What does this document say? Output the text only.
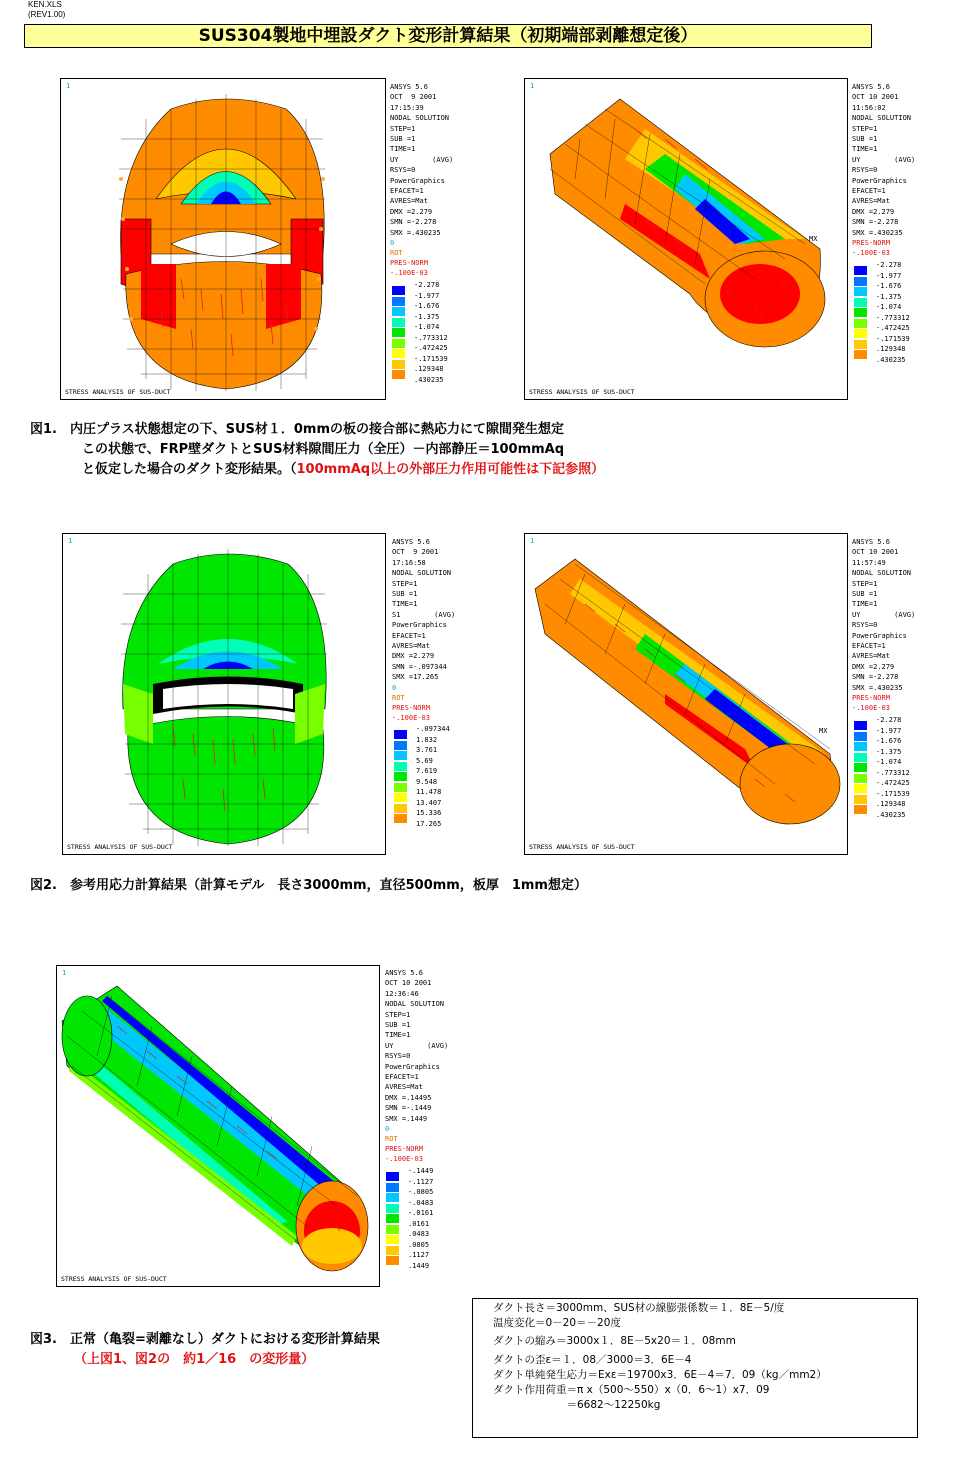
KEN.XLS
(REV1.00)
SUS304製地中埋設ダクト変形計算結果（初期端部剥離想定後）
1
STRESS ANALYSIS OF SUS-DUCT
ANSYS 5.6
OCT  9 2001
17:15:39
NODAL SOLUTION
STEP=1
SUB =1
TIME=1
UY        (AVG)
RSYS=0
PowerGraphics
EFACET=1
AVRES=Mat
DMX =2.279
SMN =-2.278
SMX =.430235
0
ROT
PRES-NORM
-.100E-03
-2.278
-1.977
-1.676
-1.375
-1.074
-.773312
-.472425
-.171539
.129348
.430235
1
MX
STRESS ANALYSIS OF SUS-DUCT
ANSYS 5.6
OCT 10 2001
11:56:02
NODAL SOLUTION
STEP=1
SUB =1
TIME=1
UY        (AVG)
RSYS=0
PowerGraphics
EFACET=1
AVRES=Mat
DMX =2.279
SMN =-2.278
SMX =.430235
PRES-NORM
-.100E-03
-2.278
-1.977
-1.676
-1.375
-1.074
-.773312
-.472425
-.171539
.129348
.430235
図1.　内圧プラス状態想定の下、SUS材１．0mmの板の接合部に熱応力にて隙間発生想定
この状態で、FRP壁ダクトとSUS材料隙間圧力（全圧）－内部静圧＝100mmAq
と仮定した場合のダクト変形結果。（100mmAq以上の外部圧力作用可能性は下記参照）
1
STRESS ANALYSIS OF SUS-DUCT
ANSYS 5.6
OCT  9 2001
17:16:58
NODAL SOLUTION
STEP=1
SUB =1
TIME=1
S1        (AVG)
PowerGraphics
EFACET=1
AVRES=Mat
DMX =2.279
SMN =-.097344
SMX =17.265
0
ROT
PRES-NORM
-.100E-03
-.097344
1.832
3.761
5.69
7.619
9.548
11.478
13.407
15.336
17.265
1
MX
STRESS ANALYSIS OF SUS-DUCT
ANSYS 5.6
OCT 10 2001
11:57:49
NODAL SOLUTION
STEP=1
SUB =1
TIME=1
UY        (AVG)
RSYS=0
PowerGraphics
EFACET=1
AVRES=Mat
DMX =2.279
SMN =-2.278
SMX =.430235
PRES-NORM
-.100E-03
-2.278
-1.977
-1.676
-1.375
-1.074
-.773312
-.472425
-.171539
.129348
.430235
図2.　参考用応力計算結果（計算モデル　長さ3000mm，直径500mm，板厚　1mm想定）
1
STRESS ANALYSIS OF SUS-DUCT
ANSYS 5.6
OCT 10 2001
12:36:46
NODAL SOLUTION
STEP=1
SUB =1
TIME=1
UY        (AVG)
RSYS=0
PowerGraphics
EFACET=1
AVRES=Mat
DMX =.14495
SMN =-.1449
SMX =.1449
0
ROT
PRES-NORM
-.100E-03
-.1449
-.1127
-.0805
-.0483
-.0161
.0161
.0483
.0805
.1127
.1449
図3.　正常（亀裂=剥離なし）ダクトにおける変形計算結果
（上図1、図2の　約1／16　の変形量）
ダクト長さ＝3000mm、SUS材の線膨張係数＝１．8E－5/度
温度変化＝0－20＝－20度
ダクトの縮み＝3000x１．8E－5x20＝１．08mm
ダクトの歪ε＝１．08／3000＝3．6E－4
ダクト単純発生応力＝Exε＝19700x3．6E－4＝7．09（kg／mm2）
ダクト作用荷重＝π x（500～550）x（0．6～1）x7．09
　　　　　　　＝6682～12250kg
